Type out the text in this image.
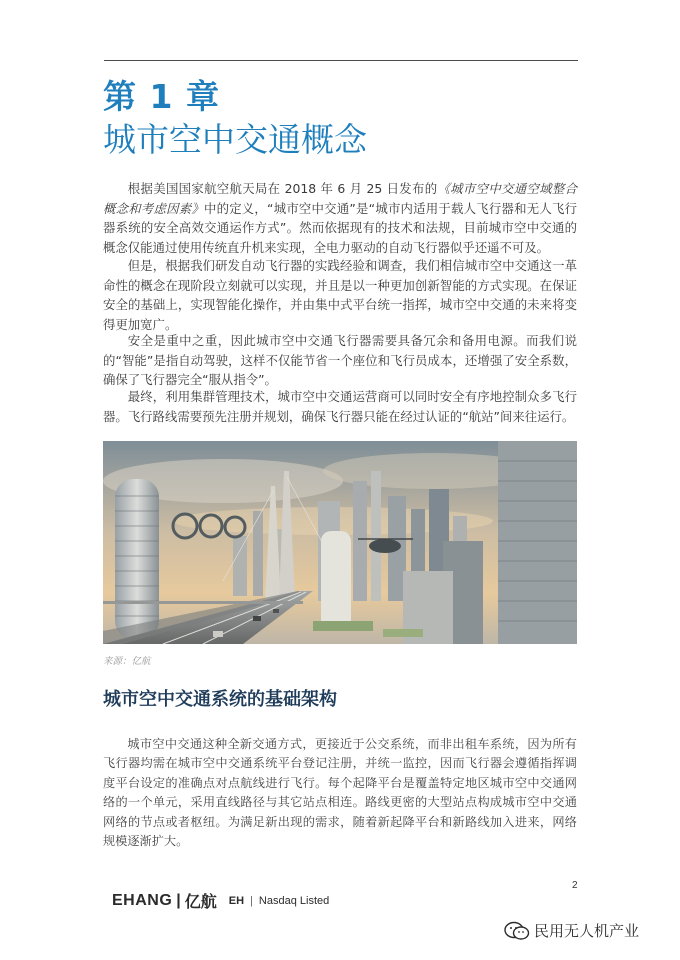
第 1 章
城市空中交通概念

根据美国国家航空航天局在 2018 年 6 月 25 日发布的《城市空中交通空域整合概念和考虑因素》中的定义，“城市空中交通”是“城市内适用于载人飞行器和无人飞行器系统的安全高效交通运作方式”。然而依据现有的技术和法规，目前城市空中交通的概念仅能通过使用传统直升机来实现，全电力驱动的自动飞行器似乎还遥不可及。

但是，根据我们研发自动飞行器的实践经验和调查，我们相信城市空中交通这一革命性的概念在现阶段立刻就可以实现，并且是以一种更加创新智能的方式实现。在保证安全的基础上，实现智能化操作，并由集中式平台统一指挥，城市空中交通的未来将变得更加宽广。

安全是重中之重，因此城市空中交通飞行器需要具备冗余和备用电源。而我们说的“智能”是指自动驾驶，这样不仅能节省一个座位和飞行员成本，还增强了安全系数，确保了飞行器完全“服从指令”。

最终，利用集群管理技术，城市空中交通运营商可以同时安全有序地控制众多飞行器。飞行路线需要预先注册并规划，确保飞行器只能在经过认证的“航站”间来往运行。

来源：亿航

城市空中交通系统的基础架构

城市空中交通这种全新交通方式，更接近于公交系统，而非出租车系统，因为所有飞行器均需在城市空中交通系统平台登记注册，并统一监控，因而飞行器会遵循指挥调度平台设定的准确点对点航线进行飞行。每个起降平台是覆盖特定地区城市空中交通网络的一个单元，采用直线路径与其它站点相连。路线更密的大型站点构成城市空中交通网络的节点或者枢纽。为满足新出现的需求，随着新起降平台和新路线加入进来，网络规模逐渐扩大。

2

EHANG | 亿航 EH | Nasdaq Listed
民用无人机产业
